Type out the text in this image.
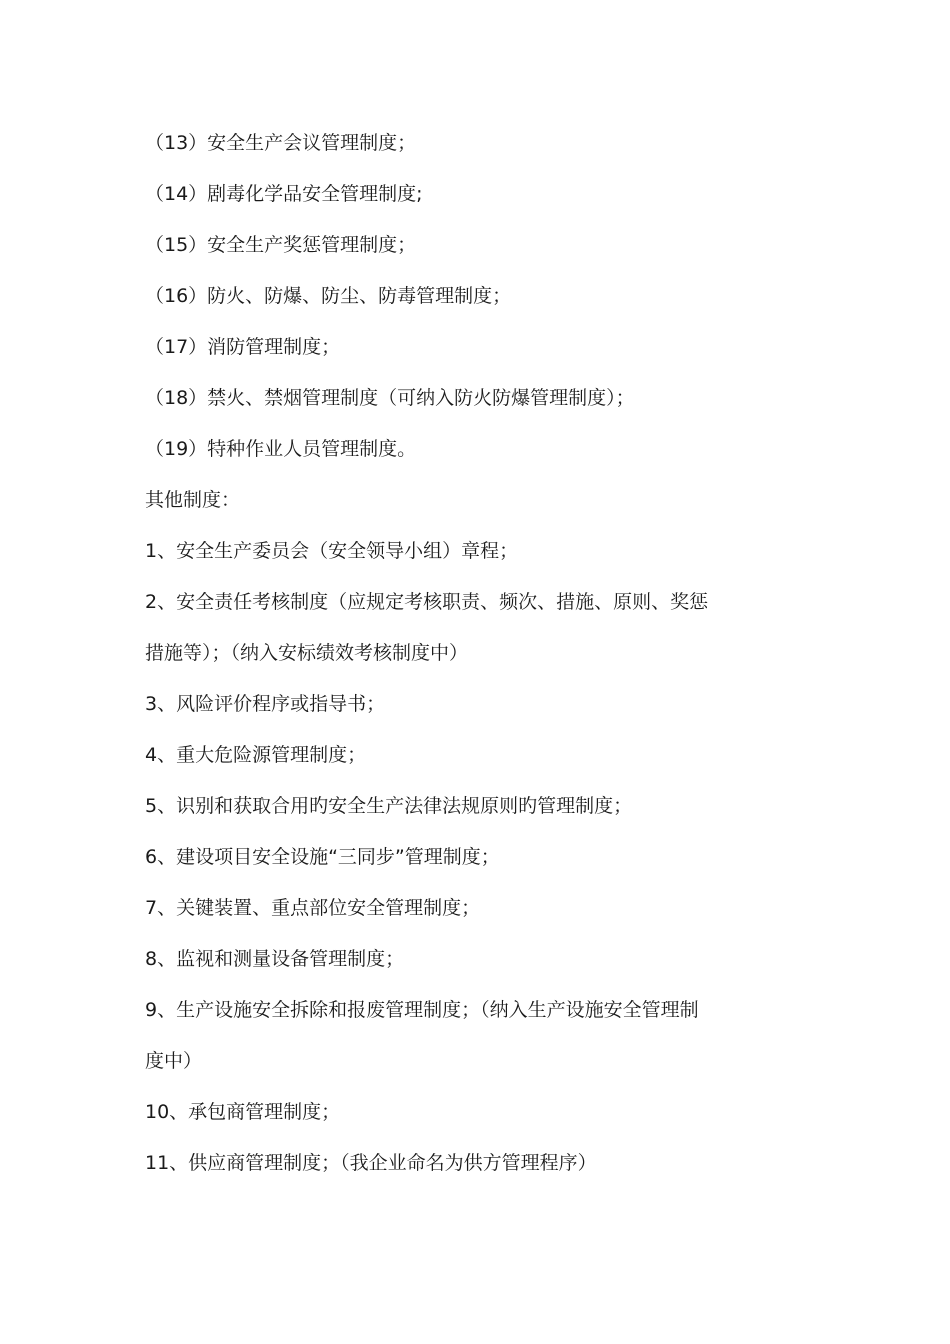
（13）安全生产会议管理制度；
（14）剧毒化学品安全管理制度;
（15）安全生产奖惩管理制度；
（16）防火、防爆、防尘、防毒管理制度；
（17）消防管理制度；
（18）禁火、禁烟管理制度（可纳入防火防爆管理制度）；
（19）特种作业人员管理制度。
其他制度：
1、安全生产委员会（安全领导小组）章程；
2、安全责任考核制度（应规定考核职责、频次、措施、原则、奖惩
措施等）；（纳入安标绩效考核制度中）
3、风险评价程序或指导书；
4、重大危险源管理制度；
5、识别和获取合用旳安全生产法律法规原则旳管理制度；
6、建设项目安全设施“三同步”管理制度；
7、关键装置、重点部位安全管理制度；
8、监视和测量设备管理制度；
9、生产设施安全拆除和报废管理制度；（纳入生产设施安全管理制
度中）
10、承包商管理制度；
11、供应商管理制度；（我企业命名为供方管理程序）
